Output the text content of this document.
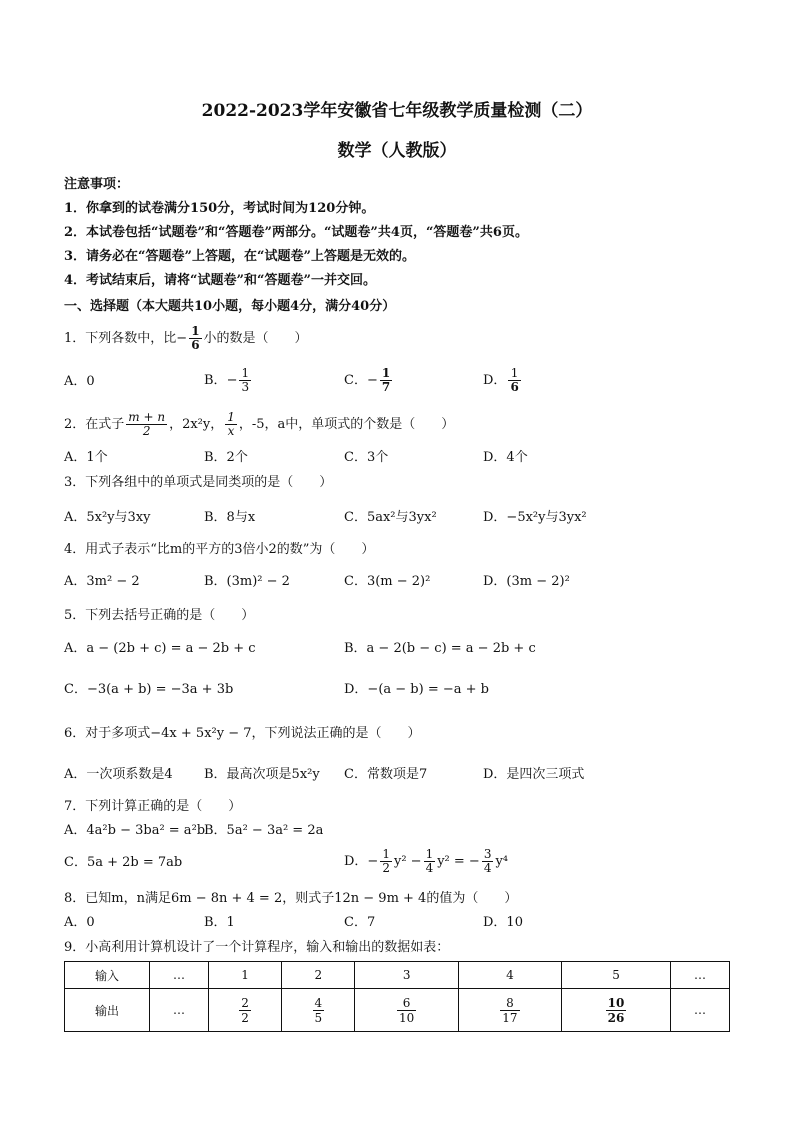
2022-2023学年安徽省七年级教学质量检测（二）
数学（人教版）
注意事项：
1．你拿到的试卷满分150分，考试时间为120分钟。
2．本试卷包括“试题卷”和“答题卷”两部分。“试题卷”共4页，“答题卷”共6页。
3．请务必在“答题卷”上答题，在“试题卷”上答题是无效的。
4．考试结束后，请将“试题卷”和“答题卷”一并交回。
一、选择题（本大题共10小题，每小题4分，满分40分）
1．下列各数中，比− $\frac{1}{6}$ 小的数是（　　）
A．0	B．− $\frac{1}{3}$	C．− $\frac{1}{7}$	D． $\frac{1}{6}$
2．在式子 $\frac{m + n}{2}$ ，2x²y， $\frac{1}{x}$ ，-5，a中，单项式的个数是（　　）
A．1个	B．2个	C．3个	D．4个
3．下列各组中的单项式是同类项的是（　　）
A．5x²y与3xy	B．8与x	C．5ax²与3yx²	D．−5x²y与3yx²
4．用式子表示“比m的平方的3倍小2的数”为（　　）
A．3m² − 2	B．(3m)² − 2	C．3(m − 2)²	D．(3m − 2)²
5．下列去括号正确的是（　　）
A．a − (2b + c) = a − 2b + c	B．a − 2(b − c) = a − 2b + c
C．−3(a + b) = −3a + 3b	D．−(a − b) = −a + b
6．对于多项式−4x + 5x²y − 7，下列说法正确的是（　　）
A．一次项系数是4 B．最高次项是5x²y C．常数项是7	D．是四次三项式
7．下列计算正确的是（　　）
A．4a²b − 3ba² = a²b
B．5a² − 3a² = 2a
C．5a + 2b = 7ab	D．− $\frac{1}{2} y^2 - \frac{1}{4} y^2$ = − $\frac{3}{4} y^4$
8．已知m，n满足6m − 8n + 4 = 2，则式子12n − 9m + 4的值为（　　）
A．0	B．1	C．7	D．10
9．小高利用计算机设计了一个计算程序，输入和输出的数据如表：
输入	…	1	2	3	4	5	…
输出	…	$\frac{2}{2}$	$\frac{4}{5}$	$\frac{6}{10}$	$\frac{8}{17}$	$\frac{10}{26}$	…
